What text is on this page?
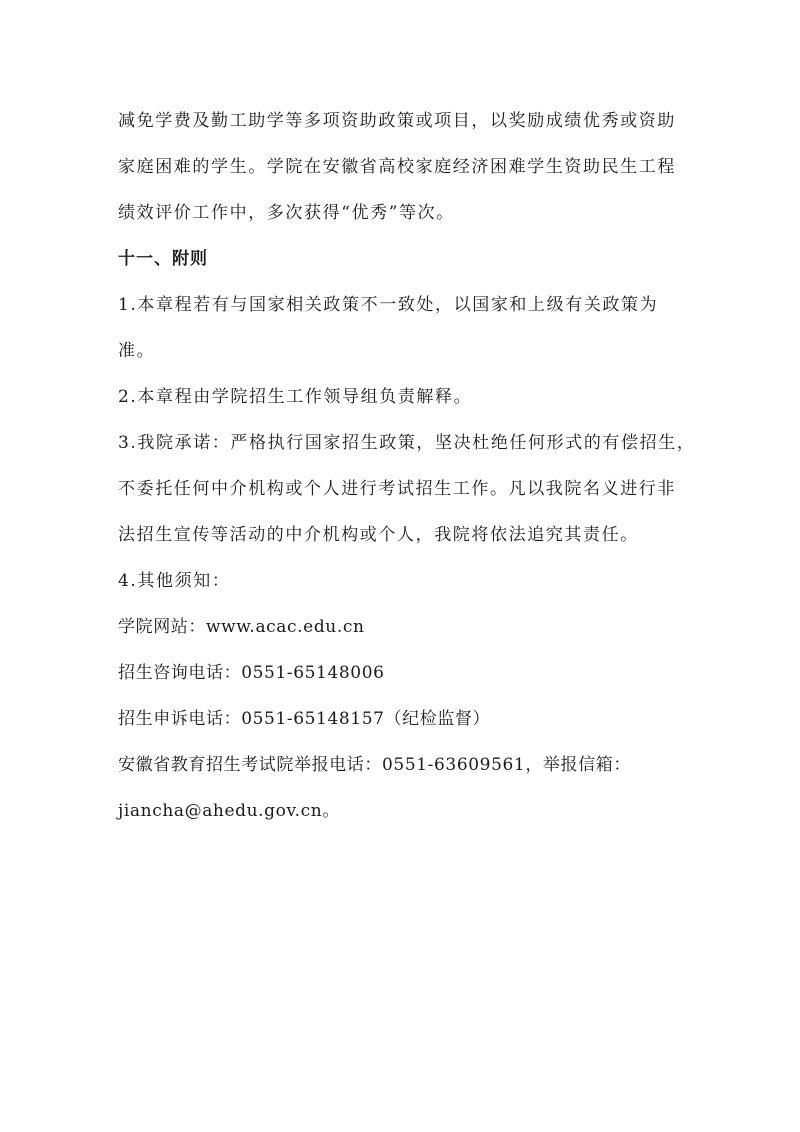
减免学费及勤工助学等多项资助政策或项目，以奖励成绩优秀或资助
家庭困难的学生。学院在安徽省高校家庭经济困难学生资助民生工程
绩效评价工作中，多次获得“优秀”等次。
十一、附则
1.本章程若有与国家相关政策不一致处，以国家和上级有关政策为
准。
2.本章程由学院招生工作领导组负责解释。
3.我院承诺：严格执行国家招生政策，坚决杜绝任何形式的有偿招生，
不委托任何中介机构或个人进行考试招生工作。凡以我院名义进行非
法招生宣传等活动的中介机构或个人，我院将依法追究其责任。
4.其他须知：
学院网站：www.acac.edu.cn
招生咨询电话：0551-65148006
招生申诉电话：0551-65148157（纪检监督）
安徽省教育招生考试院举报电话：0551-63609561，举报信箱：
jiancha@ahedu.gov.cn。
